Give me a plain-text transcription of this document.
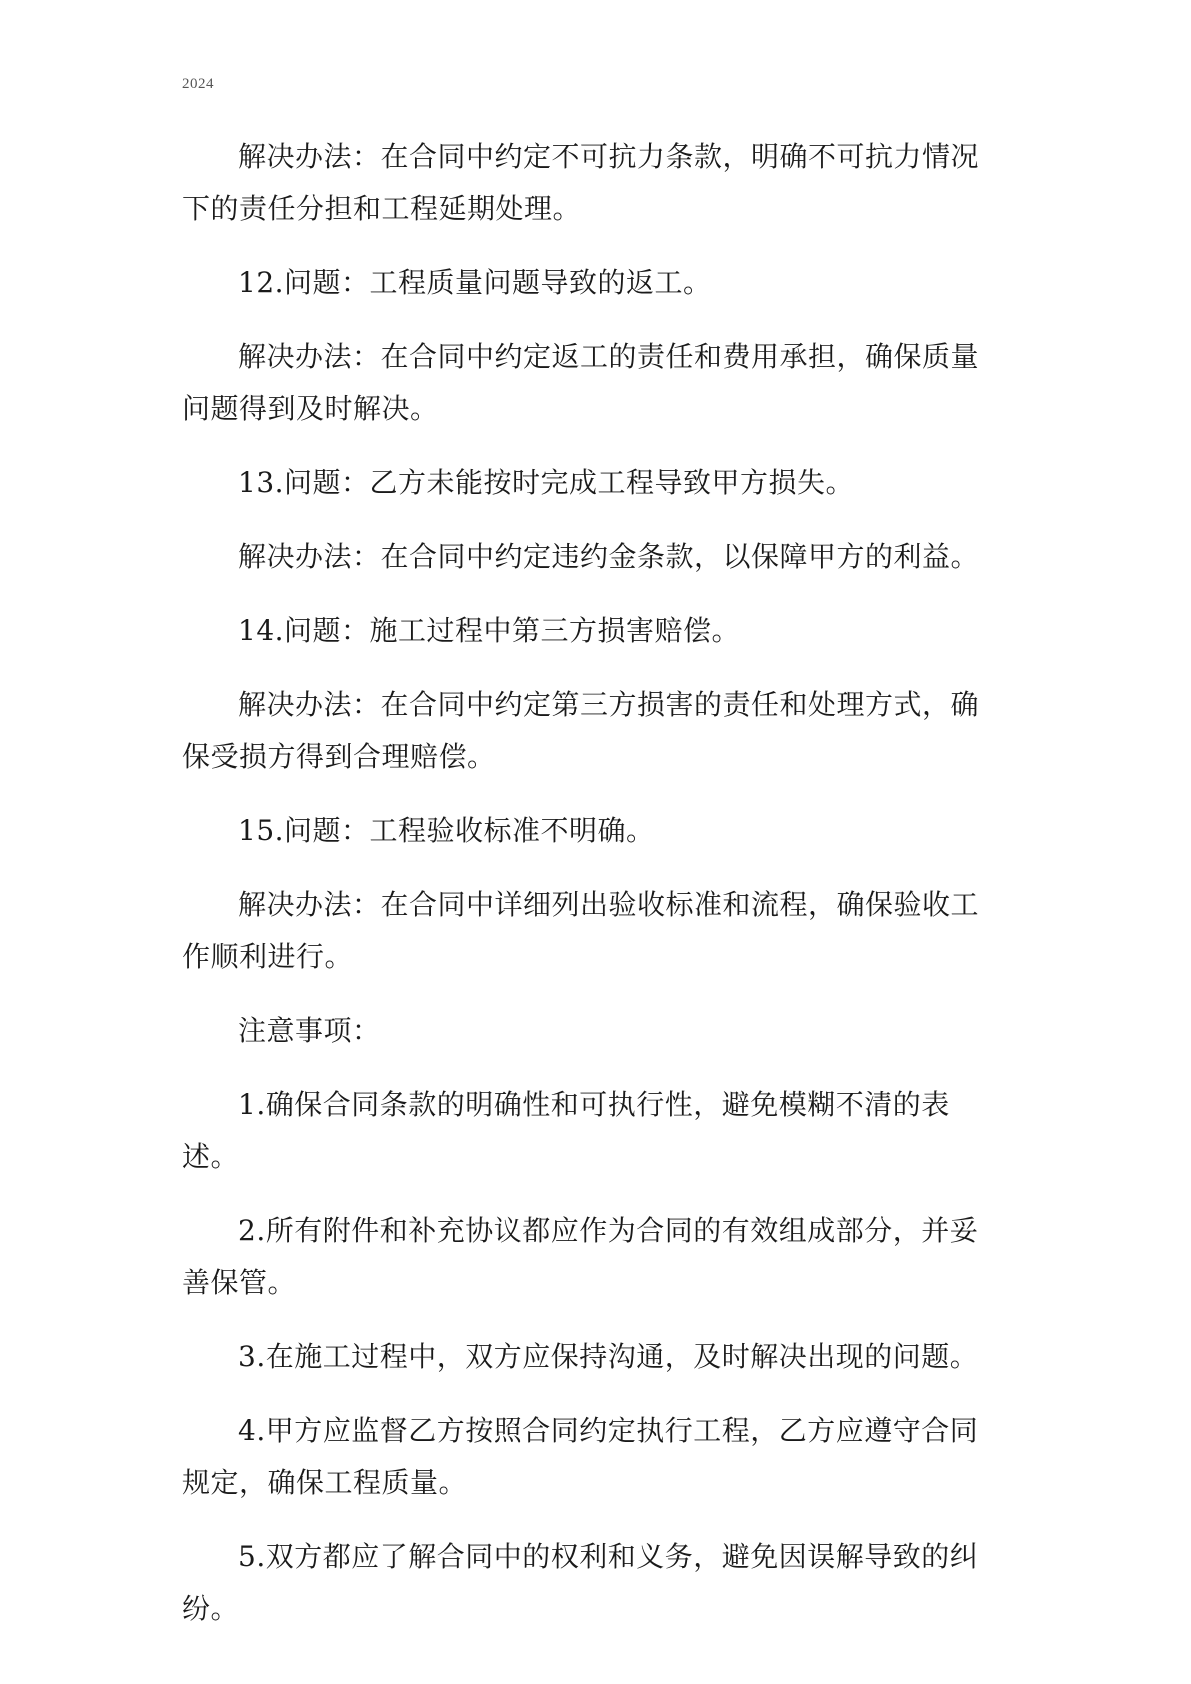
2024

解决办法：在合同中约定不可抗力条款，明确不可抗力情况下的责任分担和工程延期处理。

12.问题：工程质量问题导致的返工。

解决办法：在合同中约定返工的责任和费用承担，确保质量问题得到及时解决。

13.问题：乙方未能按时完成工程导致甲方损失。

解决办法：在合同中约定违约金条款，以保障甲方的利益。

14.问题：施工过程中第三方损害赔偿。

解决办法：在合同中约定第三方损害的责任和处理方式，确保受损方得到合理赔偿。

15.问题：工程验收标准不明确。

解决办法：在合同中详细列出验收标准和流程，确保验收工作顺利进行。

注意事项：

1.确保合同条款的明确性和可执行性，避免模糊不清的表述。

2.所有附件和补充协议都应作为合同的有效组成部分，并妥善保管。

3.在施工过程中，双方应保持沟通，及时解决出现的问题。

4.甲方应监督乙方按照合同约定执行工程，乙方应遵守合同规定，确保工程质量。

5.双方都应了解合同中的权利和义务，避免因误解导致的纠纷。
